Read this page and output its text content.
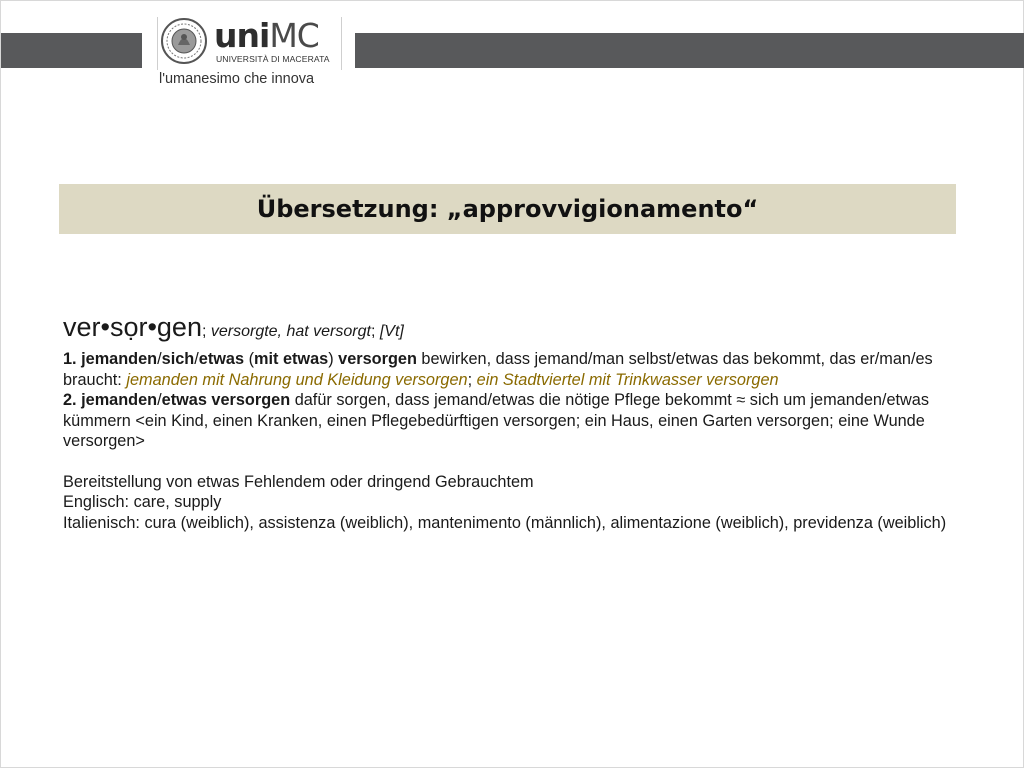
uniMC
UNIVERSITÀ DI MACERATA
l'umanesimo che innova
Übersetzung: „approvvigionamento“
ver•sọr•gen; versorgte, hat versorgt; [Vt]
1. jemanden/sich/etwas (mit etwas) versorgen bewirken, dass jemand/man selbst/etwas das bekommt, das er/man/es braucht: jemanden mit Nahrung und Kleidung versorgen; ein Stadtviertel mit Trinkwasser versorgen
2. jemanden/etwas versorgen dafür sorgen, dass jemand/etwas die nötige Pflege bekommt ≈ sich um jemanden/etwas kümmern <ein Kind, einen Kranken, einen Pflegebedürftigen versorgen; ein Haus, einen Garten versorgen; eine Wunde versorgen>
Bereitstellung von etwas Fehlendem oder dringend Gebrauchtem
Englisch: care, supply
Italienisch: cura (weiblich), assistenza (weiblich), mantenimento (männlich), alimentazione (weiblich), previdenza (weiblich)
